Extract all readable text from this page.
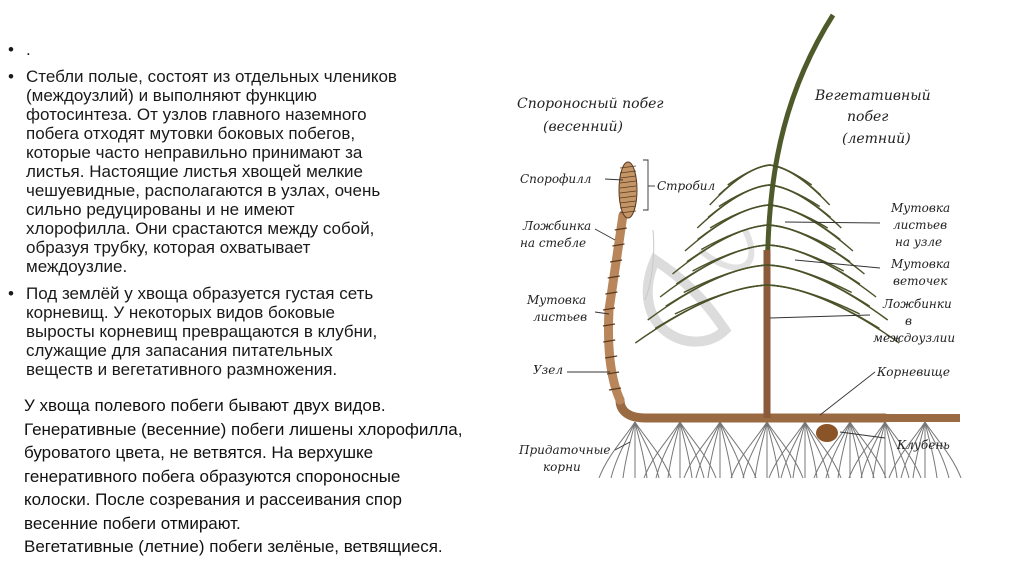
• .
• Стебли полые, состоят из отдельных члеников
(междоузлий) и выполняют функцию
фотосинтеза. От узлов главного наземного
побега отходят мутовки боковых побегов,
которые часто неправильно принимают за
листья. Настоящие листья хвощей мелкие
чешуевидные, располагаются в узлах, очень
сильно редуцированы и не имеют
хлорофилла. Они срастаются между собой,
образуя трубку, которая охватывает
междоузлие.
• Под землёй у хвоща образуется густая сеть
корневищ. У некоторых видов боковые
выросты корневищ превращаются в клубни,
служащие для запасания питательных
веществ и вегетативного размножения.
У хвоща полевого побеги бывают двух видов.
Генеративные (весенние) побеги лишены хлорофилла,
буроватого цвета, не ветвятся. На верхушке
генеративного побега образуются спороносные
колоски. После созревания и рассеивания спор
весенние побеги отмирают.
Вегетативные (летние) побеги зелёные, ветвящиеся.
Спороносный побег
(весенний)
Вегетативный
побег
(летний)
Спорофилл	Стробил
Ложбинка
на стебле
Мутовка
листьев
Узел
Придаточные
корни
Мутовка
листьев
на узле
Мутовка
веточек
Ложбинки
в
междоузлии
Корневище
Клубень
